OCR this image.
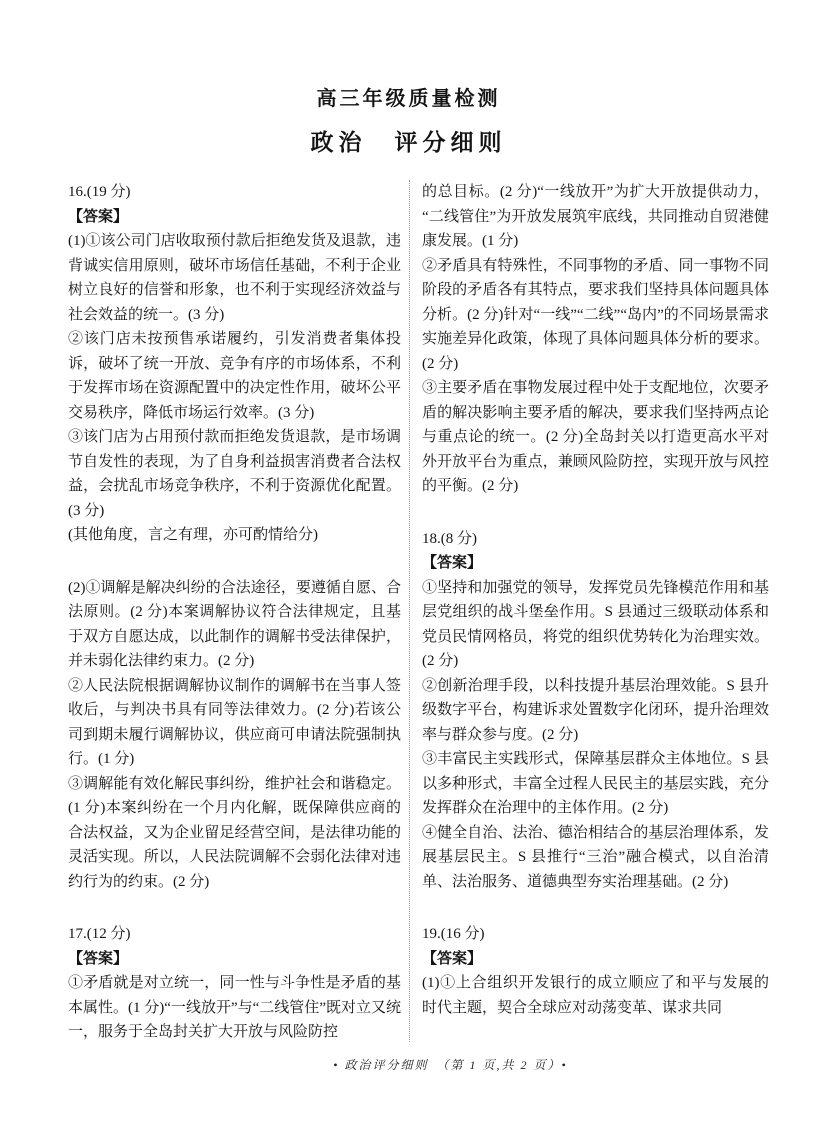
高三年级质量检测
政治　评分细则

16.(19 分)

【答案】

(1)①该公司门店收取预付款后拒绝发货及退款，违背诚实信用原则，破坏市场信任基础，不利于企业树立良好的信誉和形象，也不利于实现经济效益与社会效益的统一。(3 分)

②该门店未按预售承诺履约，引发消费者集体投诉，破坏了统一开放、竞争有序的市场体系，不利于发挥市场在资源配置中的决定性作用，破坏公平交易秩序，降低市场运行效率。(3 分)

③该门店为占用预付款而拒绝发货退款，是市场调节自发性的表现，为了自身利益损害消费者合法权益，会扰乱市场竞争秩序，不利于资源优化配置。(3 分)

(其他角度，言之有理，亦可酌情给分)

(2)①调解是解决纠纷的合法途径，要遵循自愿、合法原则。(2 分)本案调解协议符合法律规定，且基于双方自愿达成，以此制作的调解书受法律保护，并未弱化法律约束力。(2 分)

②人民法院根据调解协议制作的调解书在当事人签收后，与判决书具有同等法律效力。(2 分)若该公司到期未履行调解协议，供应商可申请法院强制执行。(1 分)

③调解能有效化解民事纠纷，维护社会和谐稳定。(1 分)本案纠纷在一个月内化解，既保障供应商的合法权益，又为企业留足经营空间，是法律功能的灵活实现。所以，人民法院调解不会弱化法律对违约行为的约束。(2 分)

17.(12 分)

【答案】

①矛盾就是对立统一，同一性与斗争性是矛盾的基本属性。(1 分)“一线放开”与“二线管住”既对立又统一，服务于全岛封关扩大开放与风险防控

的总目标。(2 分)“一线放开”为扩大开放提供动力，“二线管住”为开放发展筑牢底线，共同推动自贸港健康发展。(1 分)

②矛盾具有特殊性，不同事物的矛盾、同一事物不同阶段的矛盾各有其特点，要求我们坚持具体问题具体分析。(2 分)针对“一线”“二线”“岛内”的不同场景需求实施差异化政策，体现了具体问题具体分析的要求。(2 分)

③主要矛盾在事物发展过程中处于支配地位，次要矛盾的解决影响主要矛盾的解决，要求我们坚持两点论与重点论的统一。(2 分)全岛封关以打造更高水平对外开放平台为重点，兼顾风险防控，实现开放与风控的平衡。(2 分)

18.(8 分)

【答案】

①坚持和加强党的领导，发挥党员先锋模范作用和基层党组织的战斗堡垒作用。S 县通过三级联动体系和党员民情网格员，将党的组织优势转化为治理实效。(2 分)

②创新治理手段，以科技提升基层治理效能。S 县升级数字平台，构建诉求处置数字化闭环，提升治理效率与群众参与度。(2 分)

③丰富民主实践形式，保障基层群众主体地位。S 县以多种形式，丰富全过程人民民主的基层实践，充分发挥群众在治理中的主体作用。(2 分)

④健全自治、法治、德治相结合的基层治理体系，发展基层民主。S 县推行“三治”融合模式，以自治清单、法治服务、道德典型夯实治理基础。(2 分)

19.(16 分)

【答案】

(1)①上合组织开发银行的成立顺应了和平与发展的时代主题，契合全球应对动荡变革、谋求共同

• 政治评分细则　（第 1 页,共 2 页）•
